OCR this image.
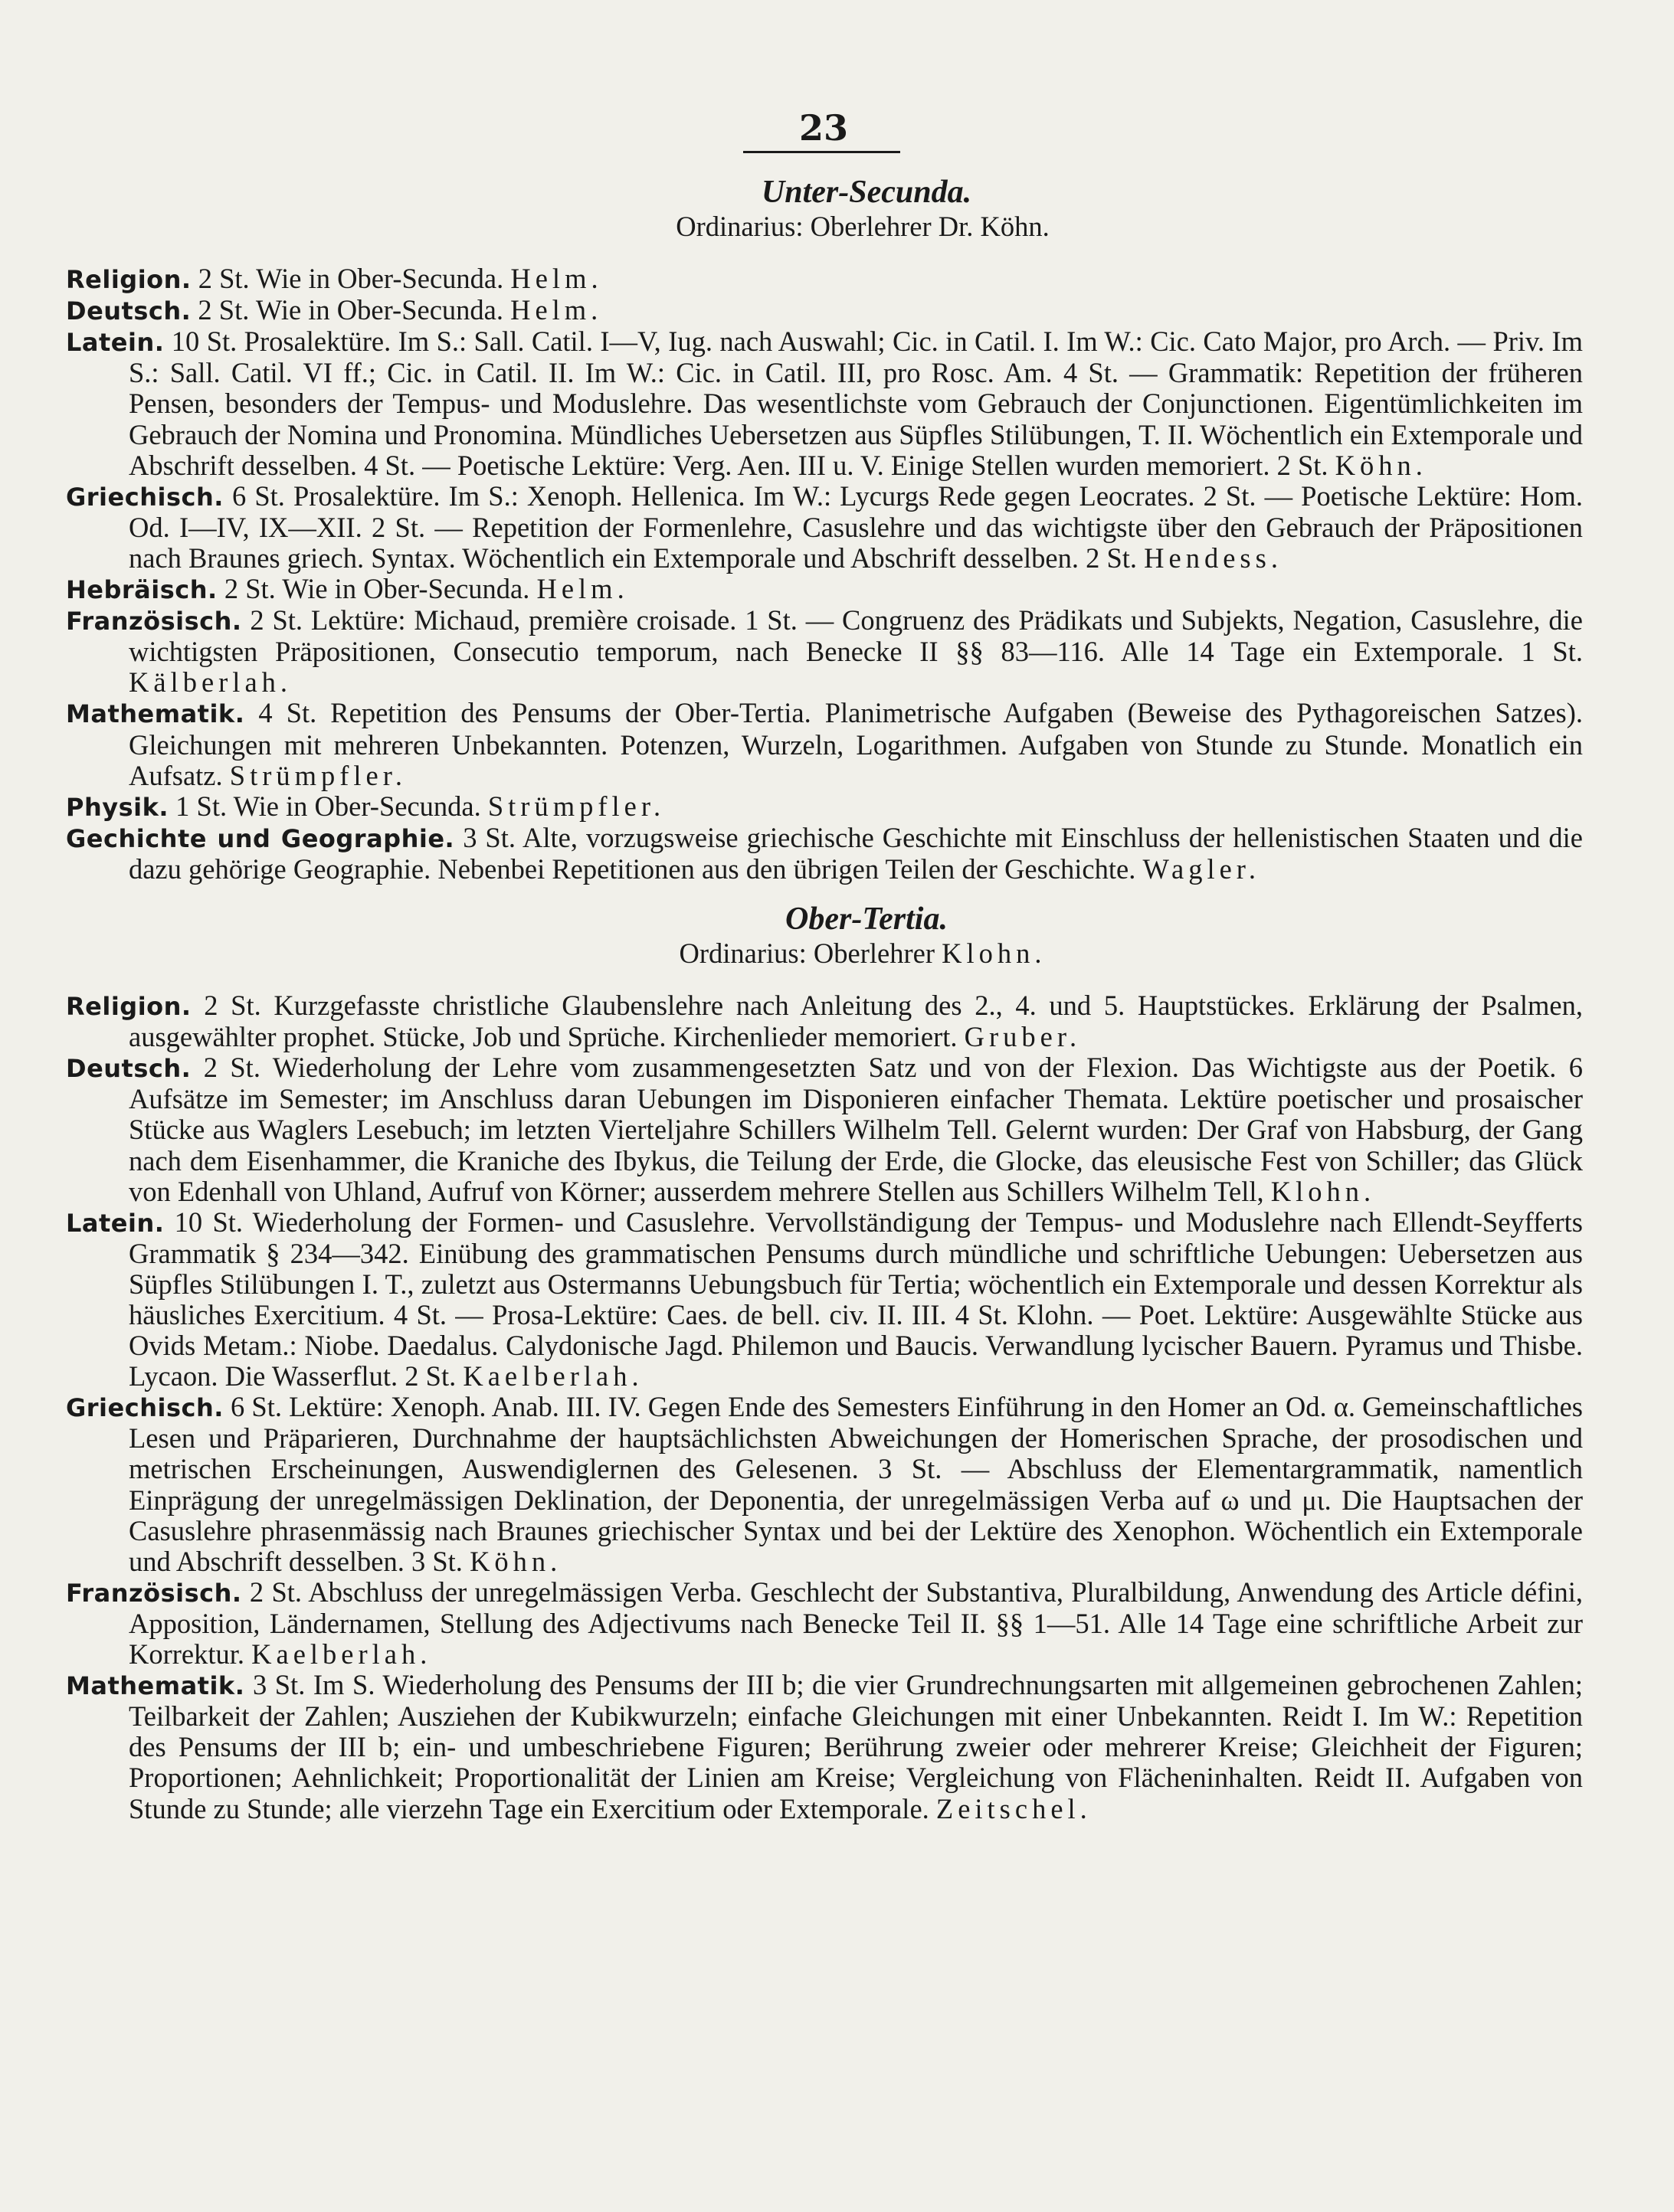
23
Unter-Secunda.
Ordinarius: Oberlehrer Dr. Köhn.

Religion. 2 St. Wie in Ober-Secunda. Helm.

Deutsch. 2 St. Wie in Ober-Secunda. Helm.

Latein. 10 St. Prosalektüre. Im S.: Sall. Catil. I—V, Iug. nach Auswahl; Cic. in Catil. I. Im W.: Cic. Cato Major, pro Arch. — Priv. Im S.: Sall. Catil. VI ff.; Cic. in Catil. II. Im W.: Cic. in Catil. III, pro Rosc. Am. 4 St. — Grammatik: Repetition der früheren Pensen, besonders der Tempus- und Moduslehre. Das wesentlichste vom Gebrauch der Conjunctionen. Eigentümlichkeiten im Gebrauch der Nomina und Pronomina. Mündliches Uebersetzen aus Süpfles Stilübungen, T. II. Wöchentlich ein Extemporale und Abschrift desselben. 4 St. — Poetische Lektüre: Verg. Aen. III u. V. Einige Stellen wurden memoriert. 2 St. Köhn.

Griechisch. 6 St. Prosalektüre. Im S.: Xenoph. Hellenica. Im W.: Lycurgs Rede gegen Leocrates. 2 St. — Poetische Lektüre: Hom. Od. I—IV, IX—XII. 2 St. — Repetition der Formenlehre, Casuslehre und das wichtigste über den Gebrauch der Präpositionen nach Braunes griech. Syntax. Wöchentlich ein Extemporale und Abschrift desselben. 2 St. Hendess.

Hebräisch. 2 St. Wie in Ober-Secunda. Helm.

Französisch. 2 St. Lektüre: Michaud, première croisade. 1 St. — Congruenz des Prädikats und Subjekts, Negation, Casuslehre, die wichtigsten Präpositionen, Consecutio temporum, nach Benecke II §§ 83—116. Alle 14 Tage ein Extemporale. 1 St. Kälberlah.

Mathematik. 4 St. Repetition des Pensums der Ober-Tertia. Planimetrische Aufgaben (Beweise des Pythagoreischen Satzes). Gleichungen mit mehreren Unbekannten. Potenzen, Wurzeln, Logarithmen. Aufgaben von Stunde zu Stunde. Monatlich ein Aufsatz. Strümpfler.

Physik. 1 St. Wie in Ober-Secunda. Strümpfler.

Gechichte und Geographie. 3 St. Alte, vorzugsweise griechische Geschichte mit Einschluss der hellenistischen Staaten und die dazu gehörige Geographie. Nebenbei Repetitionen aus den übrigen Teilen der Geschichte. Wagler.

Ober-Tertia.
Ordinarius: Oberlehrer Klohn.

Religion. 2 St. Kurzgefasste christliche Glaubenslehre nach Anleitung des 2., 4. und 5. Hauptstückes. Erklärung der Psalmen, ausgewählter prophet. Stücke, Job und Sprüche. Kirchenlieder memoriert. Gruber.

Deutsch. 2 St. Wiederholung der Lehre vom zusammengesetzten Satz und von der Flexion. Das Wichtigste aus der Poetik. 6 Aufsätze im Semester; im Anschluss daran Uebungen im Disponieren einfacher Themata. Lektüre poetischer und prosaischer Stücke aus Waglers Lesebuch; im letzten Vierteljahre Schillers Wilhelm Tell. Gelernt wurden: Der Graf von Habsburg, der Gang nach dem Eisenhammer, die Kraniche des Ibykus, die Teilung der Erde, die Glocke, das eleusische Fest von Schiller; das Glück von Edenhall von Uhland, Aufruf von Körner; ausserdem mehrere Stellen aus Schillers Wilhelm Tell, Klohn.

Latein. 10 St. Wiederholung der Formen- und Casuslehre. Vervollständigung der Tempus- und Moduslehre nach Ellendt-Seyfferts Grammatik § 234—342. Einübung des grammatischen Pensums durch mündliche und schriftliche Uebungen: Uebersetzen aus Süpfles Stilübungen I. T., zuletzt aus Ostermanns Uebungsbuch für Tertia; wöchentlich ein Extemporale und dessen Korrektur als häusliches Exercitium. 4 St. — Prosa-Lektüre: Caes. de bell. civ. II. III. 4 St. Klohn. — Poet. Lektüre: Ausgewählte Stücke aus Ovids Metam.: Niobe. Daedalus. Calydonische Jagd. Philemon und Baucis. Verwandlung lycischer Bauern. Pyramus und Thisbe. Lycaon. Die Wasserflut. 2 St. Kaelberlah.

Griechisch. 6 St. Lektüre: Xenoph. Anab. III. IV. Gegen Ende des Semesters Einführung in den Homer an Od. α. Gemeinschaftliches Lesen und Präparieren, Durchnahme der hauptsächlichsten Abweichungen der Homerischen Sprache, der prosodischen und metrischen Erscheinungen, Auswendiglernen des Gelesenen. 3 St. — Abschluss der Elementargrammatik, namentlich Einprägung der unregelmässigen Deklination, der Deponentia, der unregelmässigen Verba auf ω und μι. Die Hauptsachen der Casuslehre phrasenmässig nach Braunes griechischer Syntax und bei der Lektüre des Xenophon. Wöchentlich ein Extemporale und Abschrift desselben. 3 St. Köhn.

Französisch. 2 St. Abschluss der unregelmässigen Verba. Geschlecht der Substantiva, Pluralbildung, Anwendung des Article défini, Apposition, Ländernamen, Stellung des Adjectivums nach Benecke Teil II. §§ 1—51. Alle 14 Tage eine schriftliche Arbeit zur Korrektur. Kaelberlah.

Mathematik. 3 St. Im S. Wiederholung des Pensums der III b; die vier Grundrechnungsarten mit allgemeinen gebrochenen Zahlen; Teilbarkeit der Zahlen; Ausziehen der Kubikwurzeln; einfache Gleichungen mit einer Unbekannten. Reidt I. Im W.: Repetition des Pensums der III b; ein- und umbeschriebene Figuren; Berührung zweier oder mehrerer Kreise; Gleichheit der Figuren; Proportionen; Aehnlichkeit; Proportionalität der Linien am Kreise; Vergleichung von Flächeninhalten. Reidt II. Aufgaben von Stunde zu Stunde; alle vierzehn Tage ein Exercitium oder Extemporale. Zeitschel.
